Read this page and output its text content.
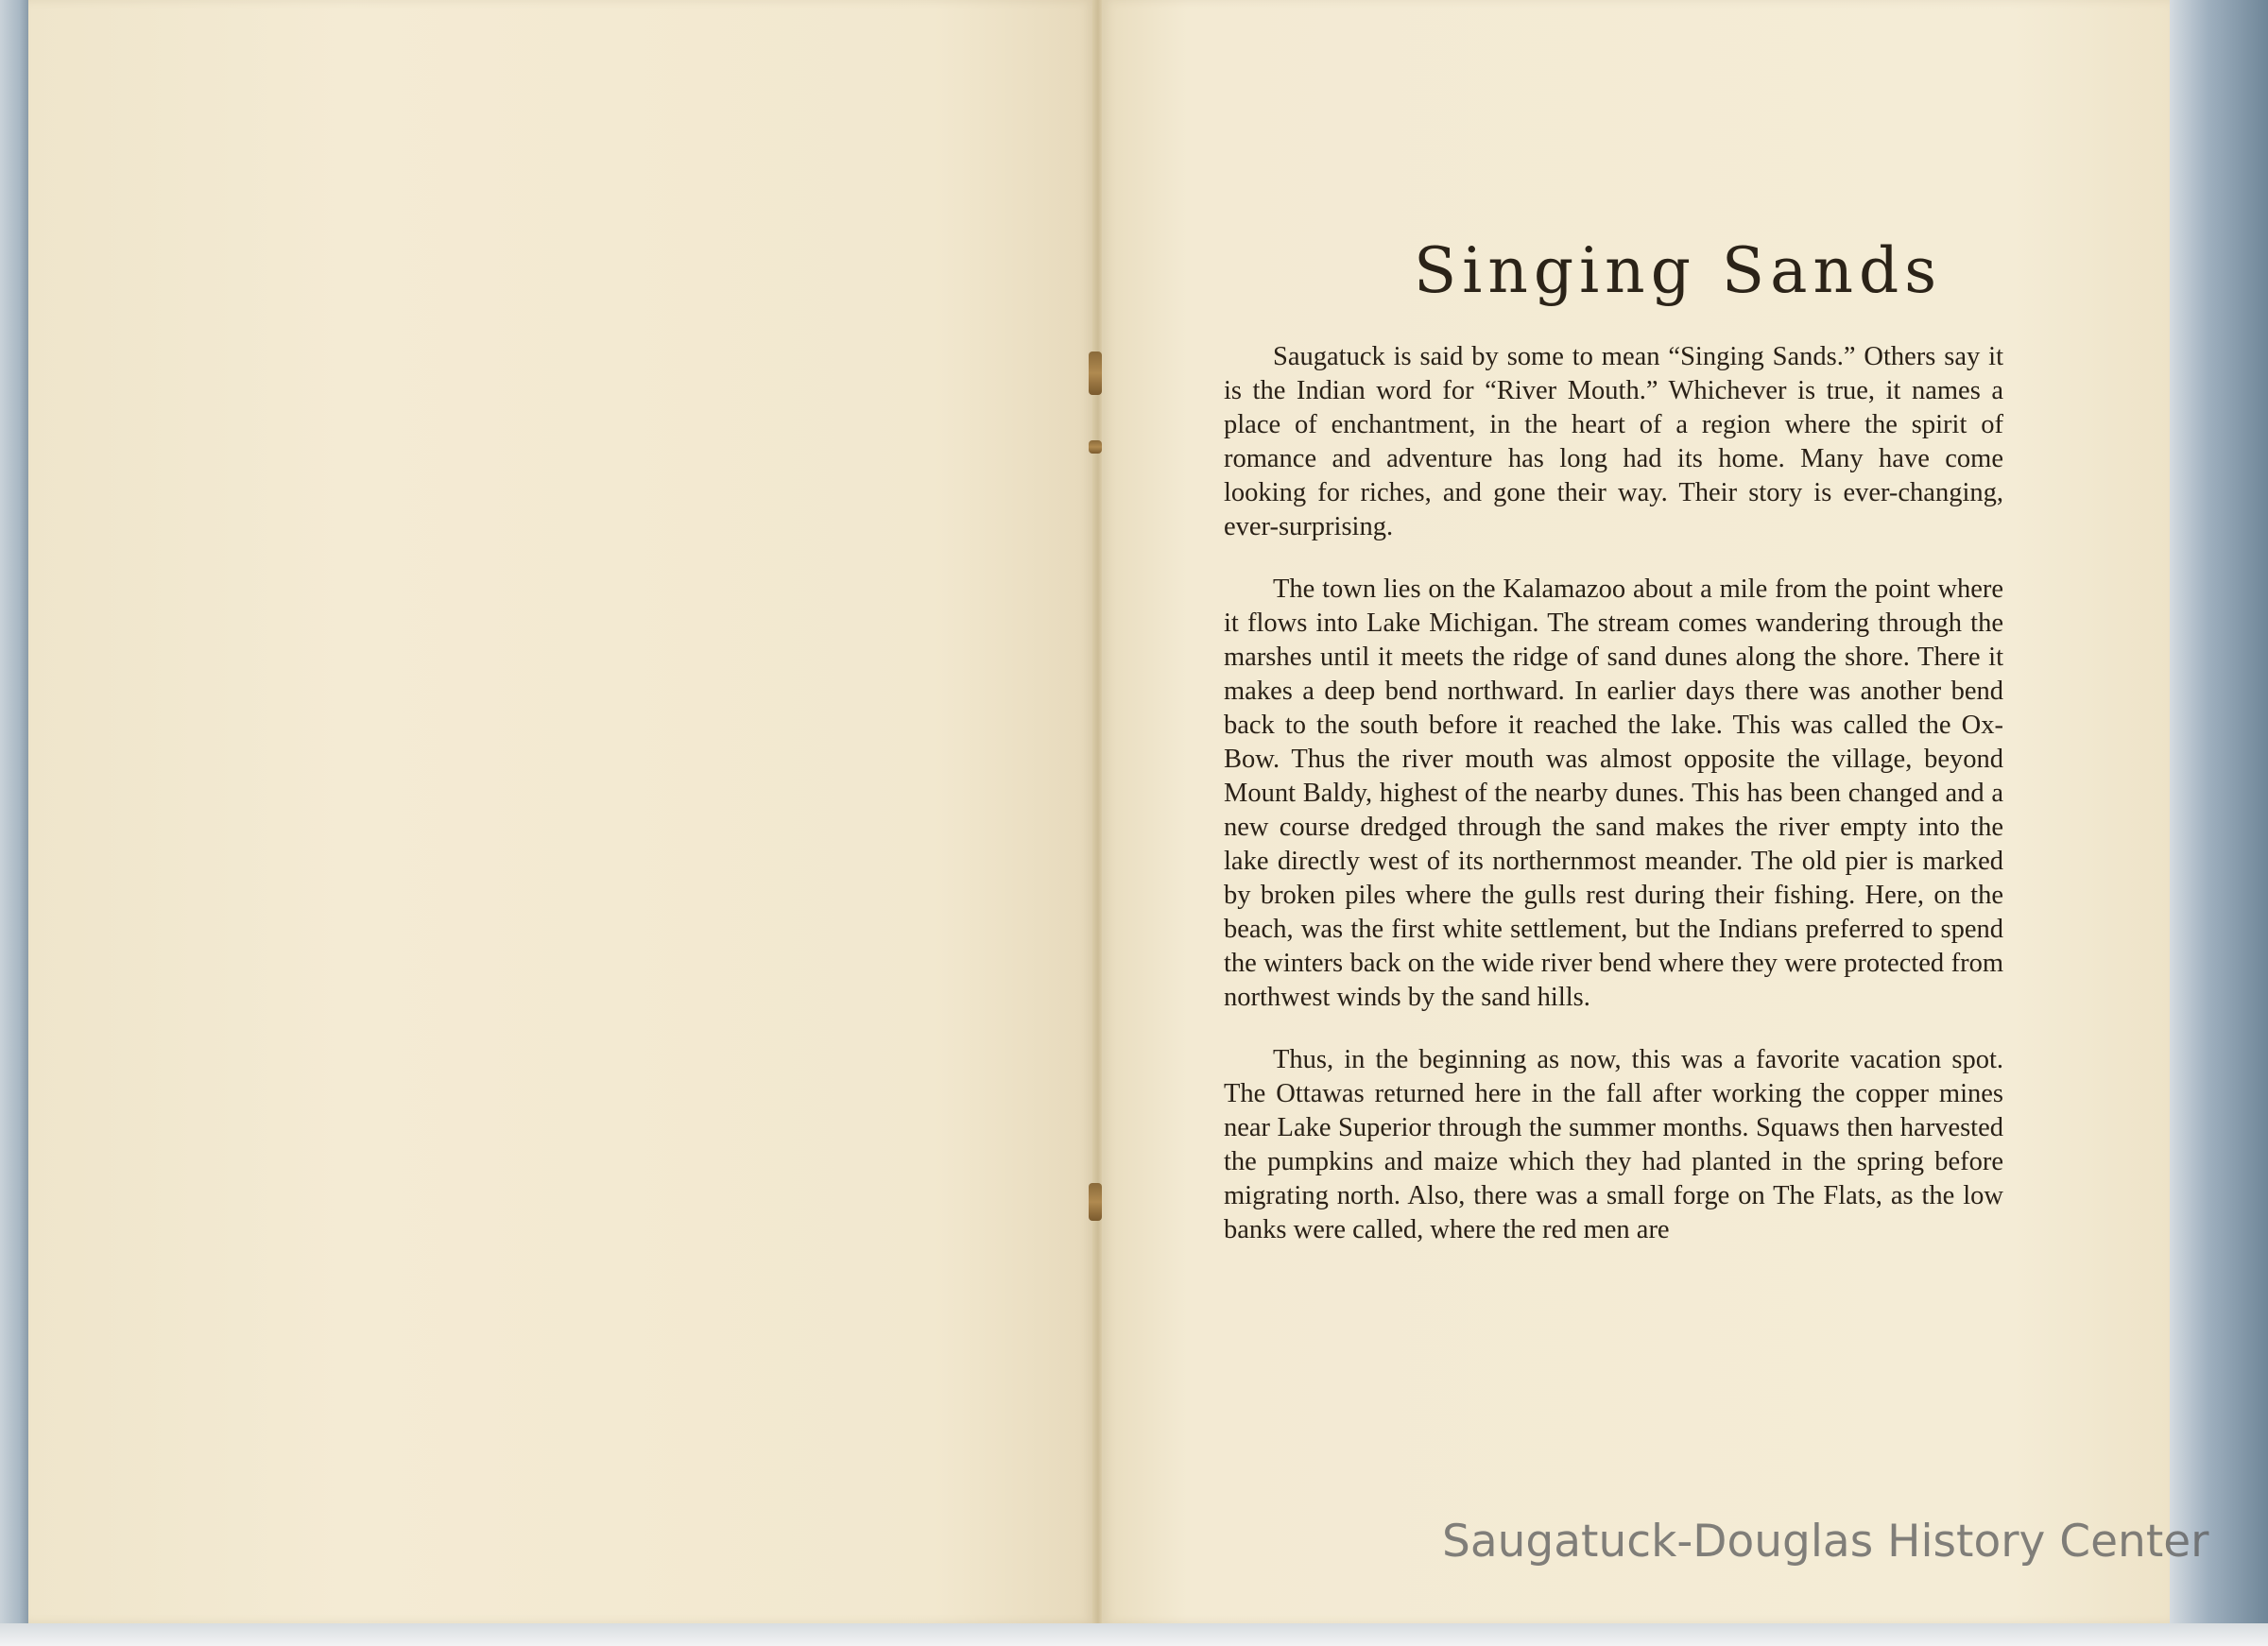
Singing Sands

Saugatuck is said by some to mean “Singing Sands.” Others say it is the Indian word for “River Mouth.” Whichever is true, it names a place of enchantment, in the heart of a region where the spirit of romance and adventure has long had its home. Many have come looking for riches, and gone their way. Their story is ever-changing, ever-surprising.

The town lies on the Kalamazoo about a mile from the point where it flows into Lake Michigan. The stream comes wandering through the marshes until it meets the ridge of sand dunes along the shore. There it makes a deep bend northward. In earlier days there was another bend back to the south before it reached the lake. This was called the Ox-Bow. Thus the river mouth was almost opposite the village, beyond Mount Baldy, highest of the nearby dunes. This has been changed and a new course dredged through the sand makes the river empty into the lake directly west of its northernmost meander. The old pier is marked by broken piles where the gulls rest during their fishing. Here, on the beach, was the first white settlement, but the Indians preferred to spend the winters back on the wide river bend where they were protected from northwest winds by the sand hills.

Thus, in the beginning as now, this was a favorite vacation spot. The Ottawas returned here in the fall after working the copper mines near Lake Superior through the summer months. Squaws then harvested the pumpkins and maize which they had planted in the spring before migrating north. Also, there was a small forge on The Flats, as the low banks were called, where the red men are

Saugatuck-Douglas History Center
